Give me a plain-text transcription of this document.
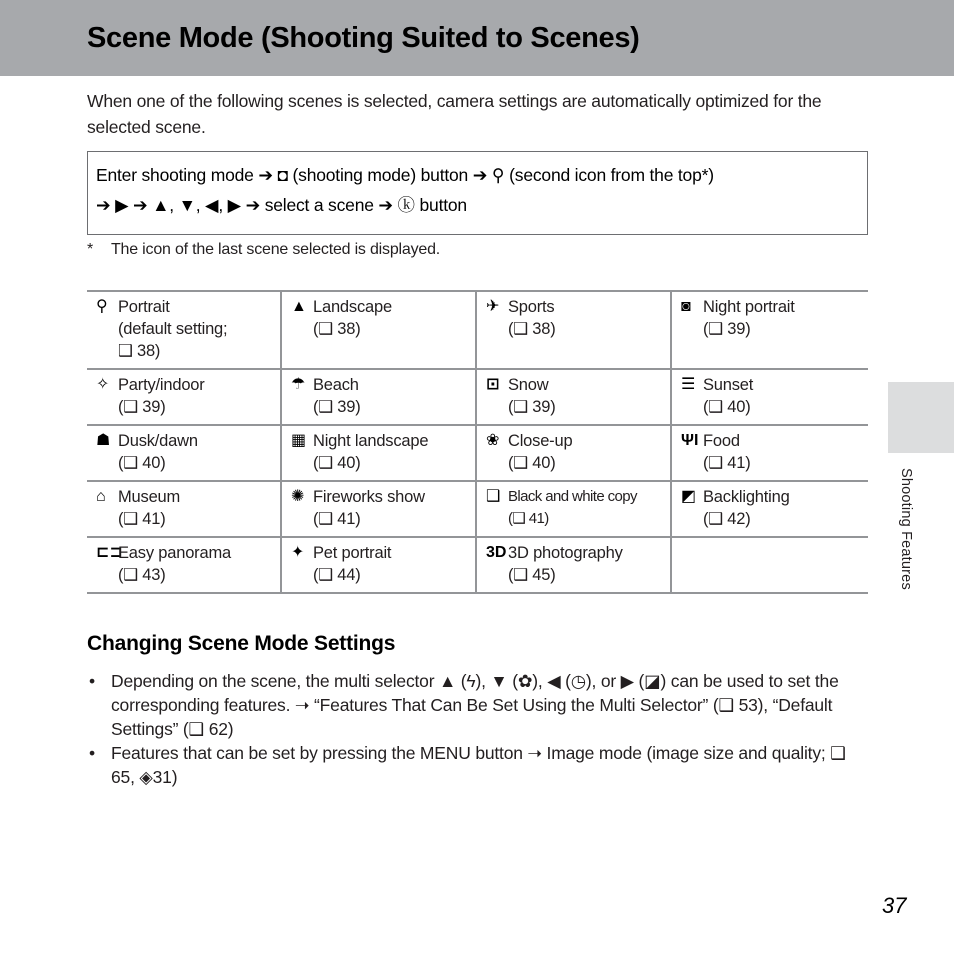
Scene Mode (Shooting Suited to Scenes)

When one of the following scenes is selected, camera settings are automatically optimized for the selected scene.

Enter shooting mode ➔ ◘ (shooting mode) button ➔ ⚲ (second icon from the top*)
➔ ▶ ➔ ▲, ▼, ◀, ▶ ➔ select a scene ➔ ⓚ button
* The icon of the last scene selected is displayed.
⚲ Portrait
(default setting;
❑ 38)
▲ Landscape
(❑ 38)
✈ Sports
(❑ 38)
◙ Night portrait
(❑ 39)
✧ Party/indoor
(❑ 39)
☂ Beach
(❑ 39)
⊡ Snow
(❑ 39)
☰ Sunset
(❑ 40)
☗ Dusk/dawn
(❑ 40)
▦ Night landscape
(❑ 40)
❀ Close-up
(❑ 40)
ΨΙ Food
(❑ 41)
⌂ Museum
(❑ 41)
✺ Fireworks show
(❑ 41)
❑ Black and white copy
(❑ 41)
◩ Backlighting
(❑ 42)
⊏⊐
Easy panorama
(❑ 43)
✦ Pet portrait
(❑ 44)
3D 3D photography
(❑ 45)
Changing Scene Mode Settings
• Depending on the scene, the multi selector ▲ (ϟ), ▼ (✿), ◀ (◷), or ▶ (◪) can be used to set the corresponding features. ➝ “Features That Can Be Set Using the Multi Selector” (❑ 53), “Default Settings” (❑ 62)
• Features that can be set by pressing the MENU button ➝ Image mode (image size and quality; ❑ 65, ◈31)
Shooting Features
37
